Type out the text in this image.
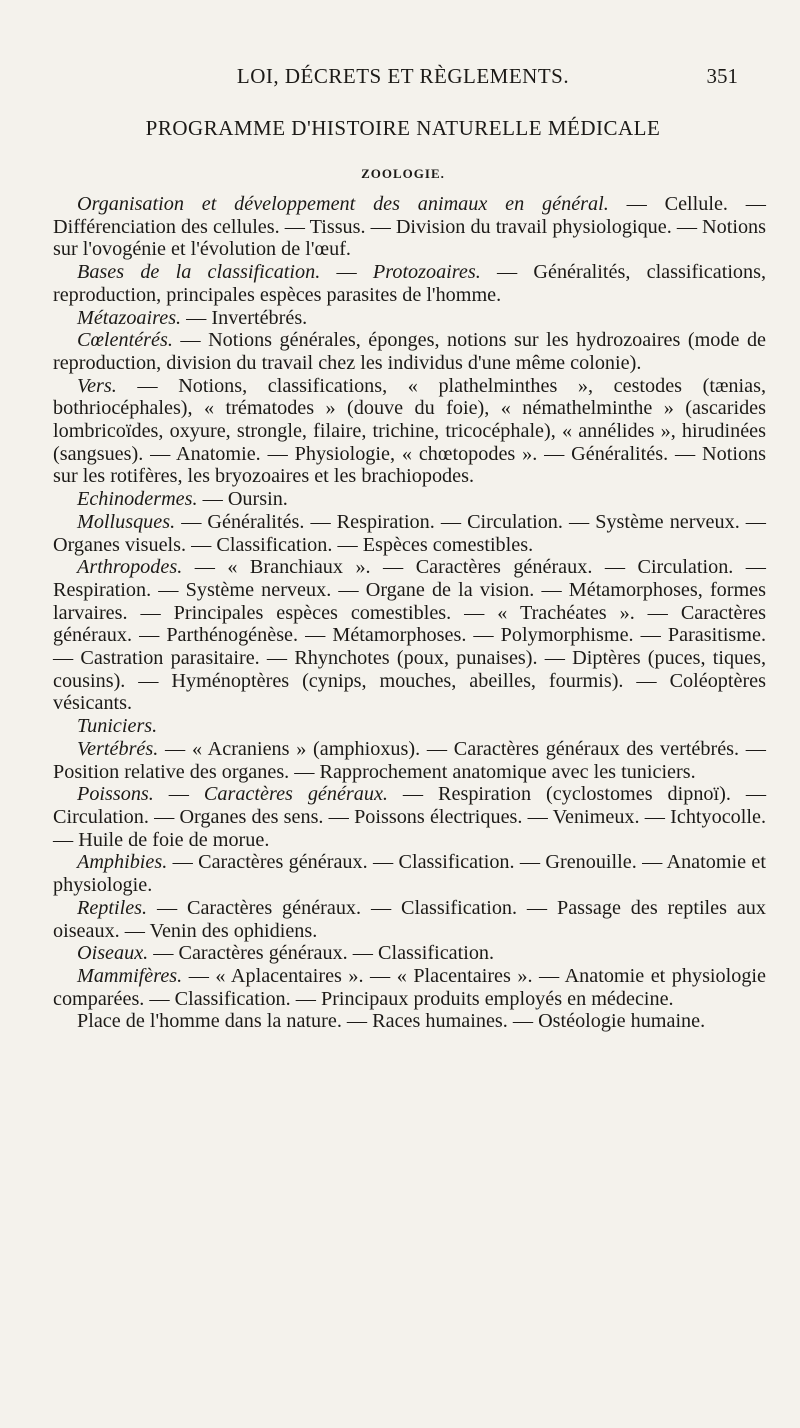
LOI, DÉCRETS ET RÈGLEMENTS.	351
PROGRAMME D'HISTOIRE NATURELLE MÉDICALE
ZOOLOGIE.

Organisation et développement des animaux en général. — Cellule. — Différenciation des cellules. — Tissus. — Division du travail physiologique. — Notions sur l'ovogénie et l'évolution de l'œuf.

Bases de la classification. — Protozoaires. — Généralités, classifications, reproduction, principales espèces parasites de l'homme.

Métazoaires. — Invertébrés.

Cœlentérés. — Notions générales, éponges, notions sur les hydrozoaires (mode de reproduction, division du travail chez les individus d'une même colonie).

Vers. — Notions, classifications, « plathelminthes », cestodes (tænias, bothriocéphales), « trématodes » (douve du foie), « némathelminthe » (ascarides lombricoïdes, oxyure, strongle, filaire, trichine, tricocéphale), « annélides », hirudinées (sangsues). — Anatomie. — Physiologie, « chœtopodes ». — Généralités. — Notions sur les rotifères, les bryozoaires et les brachiopodes.

Echinodermes. — Oursin.

Mollusques. — Généralités. — Respiration. — Circulation. — Système nerveux. — Organes visuels. — Classification. — Espèces comestibles.

Arthropodes. — « Branchiaux ». — Caractères généraux. — Circulation. — Respiration. — Système nerveux. — Organe de la vision. — Métamorphoses, formes larvaires. — Principales espèces comestibles. — « Trachéates ». — Caractères généraux. — Parthénogénèse. — Métamorphoses. — Polymorphisme. — Parasitisme. — Castration parasitaire. — Rhynchotes (poux, punaises). — Diptères (puces, tiques, cousins). — Hyménoptères (cynips, mouches, abeilles, fourmis). — Coléoptères vésicants.

Tuniciers.

Vertébrés. — « Acraniens » (amphioxus). — Caractères généraux des vertébrés. — Position relative des organes. — Rapprochement anatomique avec les tuniciers.

Poissons. — Caractères généraux. — Respiration (cyclostomes dipnoï). — Circulation. — Organes des sens. — Poissons électriques. — Venimeux. — Ichtyocolle. — Huile de foie de morue.

Amphibies. — Caractères généraux. — Classification. — Grenouille. — Anatomie et physiologie.

Reptiles. — Caractères généraux. — Classification. — Passage des reptiles aux oiseaux. — Venin des ophidiens.

Oiseaux. — Caractères généraux. — Classification.

Mammifères. — « Aplacentaires ». — « Placentaires ». — Anatomie et physiologie comparées. — Classification. — Principaux produits employés en médecine.

Place de l'homme dans la nature. — Races humaines. — Ostéologie humaine.
